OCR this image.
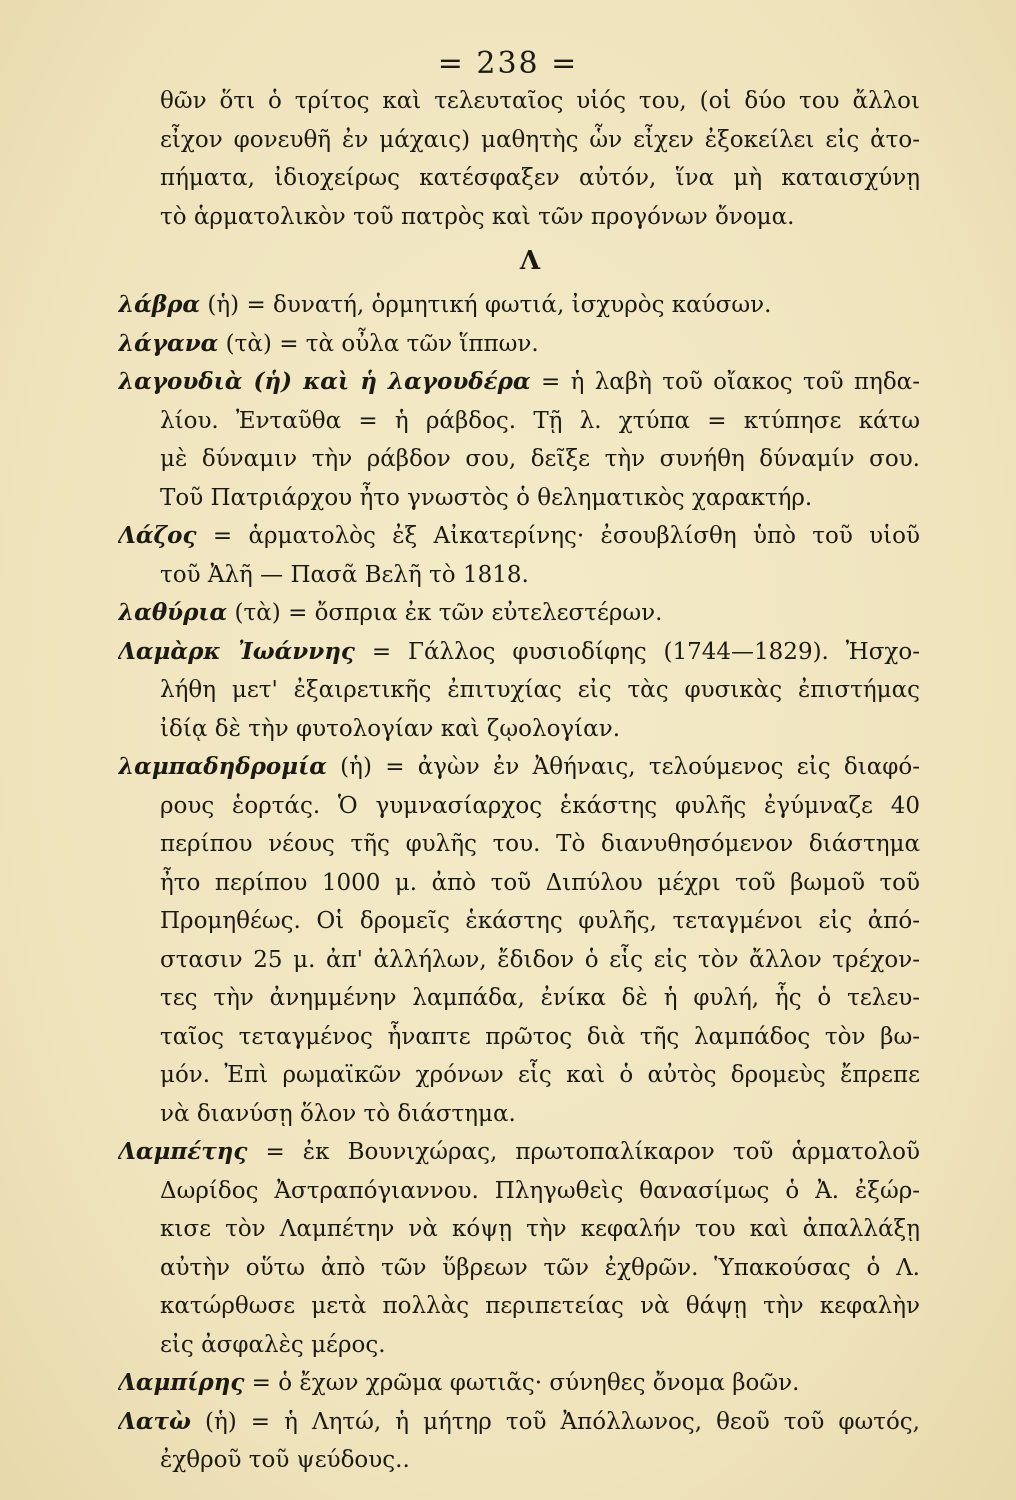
= 238 =
θῶν ὅτι ὁ τρίτος καὶ τελευταῖος υἱός του, (οἱ δύο του ἄλλοι
εἶχον φονευθῆ ἐν μάχαις) μαθητὴς ὧν εἶχεν ἐξοκείλει εἰς ἀτο-
πήματα, ἰδιοχείρως κατέσφαξεν αὐτόν, ἵνα μὴ καταισχύνῃ
τὸ ἁρματολικὸν τοῦ πατρὸς καὶ τῶν προγόνων ὄνομα.
Λ
λάβρα (ἡ) = δυνατή, ὁρμητική φωτιά, ἰσχυρὸς καύσων.
λάγανα (τὰ) = τὰ οὖλα τῶν ἵππων.
λαγουδιὰ (ἡ) καὶ ἡ λαγουδέρα = ἡ λαβὴ τοῦ οἴακος τοῦ πηδα-
λίου. Ἐνταῦθα = ἡ ράβδος. Τῇ λ. χτύπα = κτύπησε κάτω
μὲ δύναμιν τὴν ράβδον σου, δεῖξε τὴν συνήθη δύναμίν σου.
Τοῦ Πατριάρχου ἦτο γνωστὸς ὁ θεληματικὸς χαρακτήρ.
Λάζος = ἁρματολὸς ἐξ Αἰκατερίνης· ἐσουβλίσθη ὑπὸ τοῦ υἱοῦ
τοῦ Ἀλῆ — Πασᾶ Βελῆ τὸ 1818.
λαθύρια (τὰ) = ὄσπρια ἐκ τῶν εὐτελεστέρων.
Λαμὰρκ Ἰωάννης = Γάλλος φυσιοδίφης (1744—1829). Ἠσχο-
λήθη μετ' ἐξαιρετικῆς ἐπιτυχίας εἰς τὰς φυσικὰς ἐπιστήμας
ἰδίᾳ δὲ τὴν φυτολογίαν καὶ ζῳολογίαν.
λαμπαδηδρομία (ἡ) = ἀγὼν ἐν Ἀθήναις, τελούμενος εἰς διαφό-
ρους ἑορτάς. Ὁ γυμνασίαρχος ἑκάστης φυλῆς ἐγύμναζε 40
περίπου νέους τῆς φυλῆς του. Τὸ διανυθησόμενον διάστημα
ἦτο περίπου 1000 μ. ἀπὸ τοῦ Διπύλου μέχρι τοῦ βωμοῦ τοῦ
Προμηθέως. Οἱ δρομεῖς ἑκάστης φυλῆς, τεταγμένοι εἰς ἀπό-
στασιν 25 μ. ἀπ' ἀλλήλων, ἔδιδον ὁ εἷς εἰς τὸν ἄλλον τρέχον-
τες τὴν ἀνημμένην λαμπάδα, ἐνίκα δὲ ἡ φυλή, ἧς ὁ τελευ-
ταῖος τεταγμένος ἧναπτε πρῶτος διὰ τῆς λαμπάδος τὸν βω-
μόν. Ἐπὶ ρωμαϊκῶν χρόνων εἷς καὶ ὁ αὐτὸς δρομεὺς ἔπρεπε
νὰ διανύσῃ ὅλον τὸ διάστημα.
Λαμπέτης = ἐκ Βουνιχώρας, πρωτοπαλίκαρον τοῦ ἁρματολοῦ
Δωρίδος Ἀστραπόγιαννου. Πληγωθεὶς θανασίμως ὁ Ἀ. ἐξώρ-
κισε τὸν Λαμπέτην νὰ κόψῃ τὴν κεφαλήν του καὶ ἀπαλλάξῃ
αὐτὴν οὕτω ἀπὸ τῶν ὕβρεων τῶν ἐχθρῶν. Ὑπακούσας ὁ Λ.
κατώρθωσε μετὰ πολλὰς περιπετείας νὰ θάψῃ τὴν κεφαλὴν
εἰς ἀσφαλὲς μέρος.
Λαμπίρης = ὁ ἔχων χρῶμα φωτιᾶς· σύνηθες ὄνομα βοῶν.
Λατὼ (ἡ) = ἡ Λητώ, ἡ μήτηρ τοῦ Ἀπόλλωνος, θεοῦ τοῦ φωτός,
ἐχθροῦ τοῦ ψεύδους..
